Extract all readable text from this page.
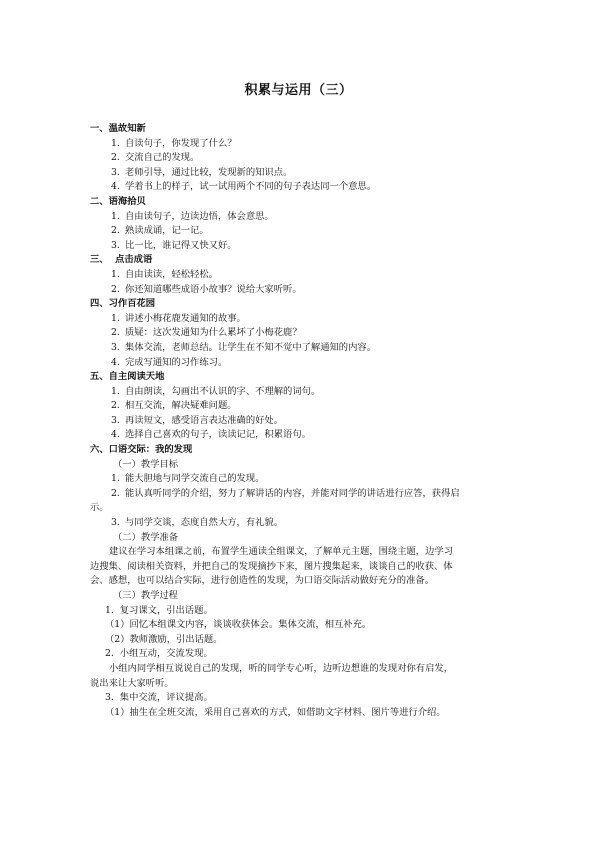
积累与运用（三）
一、温故知新
1. 自读句子，你发现了什么？
2. 交流自己的发现。
3. 老师引导，通过比较，发现新的知识点。
4. 学着书上的样子，试一试用两个不同的句子表达同一个意思。
二、语海拾贝
1. 自由读句子，边读边悟，体会意思。
2. 熟读成诵，记一记。
3. 比一比，谁记得又快又好。
三、  点击成语
1. 自由读读，轻松轻松。
2. 你还知道哪些成语小故事？说给大家听听。
四、习作百花园
1. 讲述小梅花鹿发通知的故事。
2. 质疑：这次发通知为什么累坏了小梅花鹿？
3. 集体交流，老师总结。让学生在不知不觉中了解通知的内容。
4. 完成写通知的习作练习。
五、自主阅读天地
1. 自由朗读，勾画出不认识的字、不理解的词句。
2. 相互交流，解决疑难问题。
3. 再读短文，感受语言表达准确的好处。
4. 选择自己喜欢的句子，读读记记，积累语句。
六、口语交际：我的发现
（一）教学目标
1. 能大胆地与同学交流自己的发现。
2. 能认真听同学的介绍，努力了解讲话的内容，并能对同学的讲话进行应答，获得启
示。
3. 与同学交谈，态度自然大方，有礼貌。
（二）教学准备
建议在学习本组课之前，布置学生通读全组课文，了解单元主题，围绕主题，边学习
边搜集、阅读相关资料，并把自己的发现摘抄下来，图片搜集起来，谈谈自己的收获、体
会、感想，也可以结合实际，进行创造性的发现，为口语交际活动做好充分的准备。
（三）教学过程
1.  复习课文，引出话题。
（1）回忆本组课文内容，谈谈收获体会。集体交流，相互补充。
（2）教师激励，引出话题。
2.  小组互动，交流发现。
小组内同学相互说说自己的发现，听的同学专心听，边听边想谁的发现对你有启发，
说出来让大家听听。
3.  集中交流，评议提高。
（1）抽生在全班交流，采用自己喜欢的方式，如借助文字材料、图片等进行介绍。
